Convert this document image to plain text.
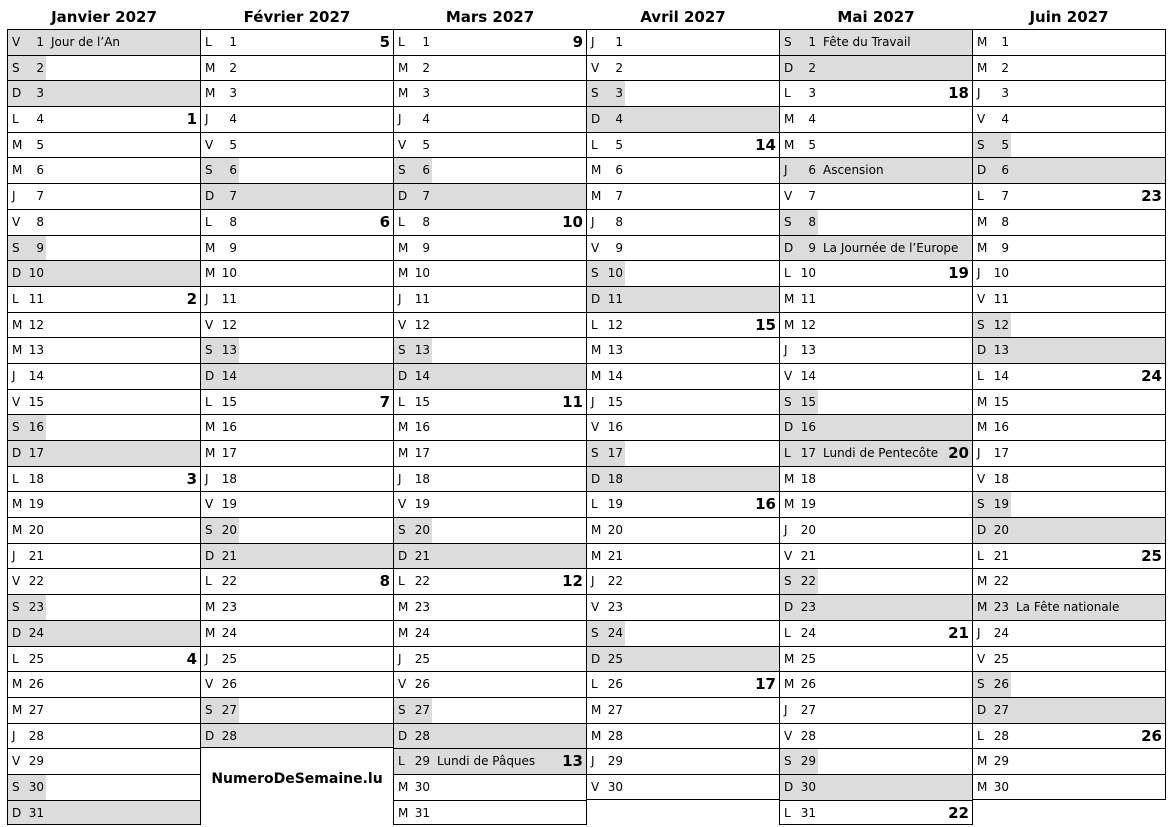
Janvier 2027
V	1 Jour de l’An
S	2
D	3
L	4	1
M	5
M	6
J	7
V	8
S	9
D 10
L 11	2
M 12
M 13
J 14
V 15
S 16
D 17
L 18	3
M 19
M 20
J 21
V 22
S 23
D 24
L 25	4
M 26
M 27
J 28
V 29
S 30
D 31
Février 2027
L	1	5
M	2
M	3
J	4
V	5
S	6
D	7
L	8	6
M	9
M 10
J 11
V 12
S 13
D 14
L 15	7
M 16
M 17
J 18
V 19
S 20
D 21
L 22	8
M 23
M 24
J 25
V 26
S 27
D 28
Mars 2027
L	1	9
M	2
M	3
J	4
V	5
S	6
D	7
L	8	10
M	9
M 10
J 11
V 12
S 13
D 14
L 15	11
M 16
M 17
J 18
V 19
S 20
D 21
L 22	12
M 23
M 24
J 25
V 26
S 27
D 28
L 29 Lundi de Pâques 13
M 30
M 31
Avril 2027
J	1
V	2
S	3
D	4
L	5	14
M	6
M	7
J	8
V	9
S 10
D 11
L 12	15
M 13
M 14
J 15
V 16
S 17
D 18
L 19	16
M 20
M 21
J 22
V 23
S 24
D 25
L 26	17
M 27
M 28
J 29
V 30
Mai 2027
S	1 Fête du Travail
D	2
L	3	18
M	4
M	5
J	6 Ascension
V	7
S	8
D	9 La Journée de l’Europe
L 10	19
M 11
M 12
J 13
V 14
S 15
D 16
L 17 Lundi de Pentecôte 20
M 18
M 19
J 20
V 21
S 22
D 23
L 24	21
M 25
M 26
J 27
V 28
S 29
D 30
L 31	22
Juin 2027
M	1
M	2
J	3
V	4
S	5
D	6
L	7	23
M	8
M	9
J 10
V 11
S 12
D 13
L 14	24
M 15
M 16
J 17
V 18
S 19
D 20
L 21	25
M 22
M 23 La Fête nationale
J 24
V 25
S 26
D 27
L 28	26
M 29
M 30
NumeroDeSemaine.lu
